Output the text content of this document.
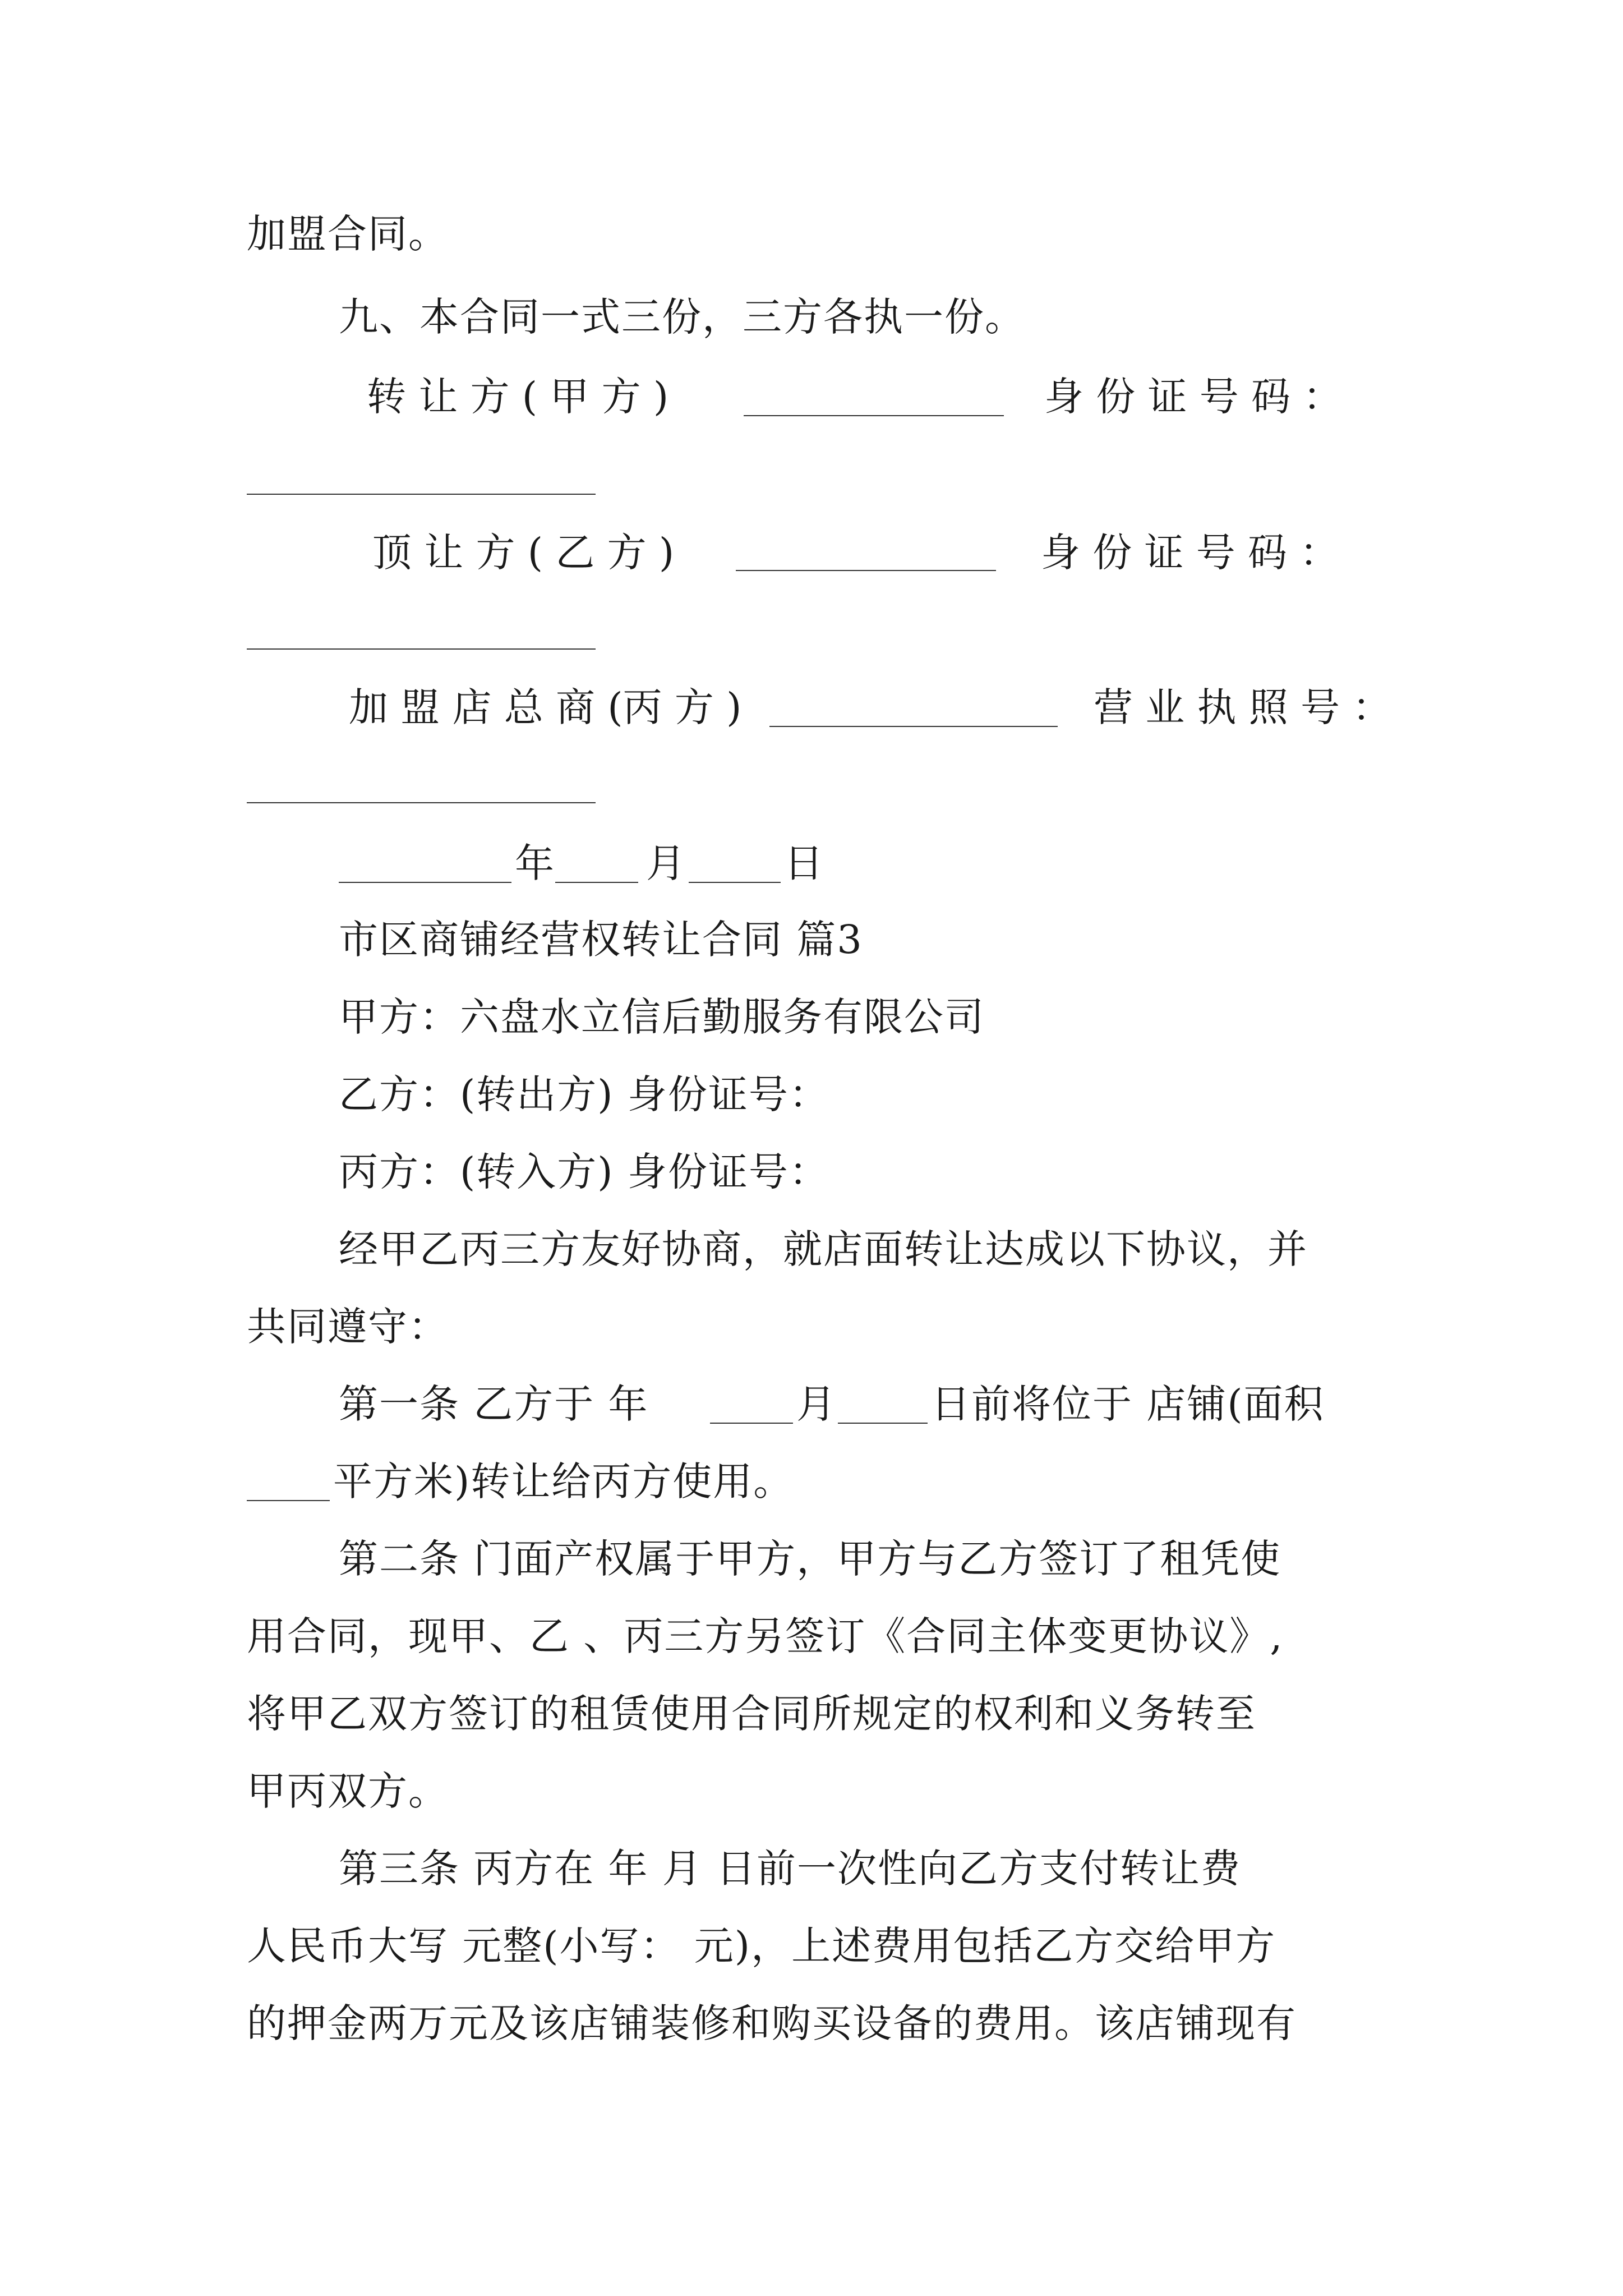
加盟合同。
九、本合同一式三份，三方各执一份。
转 让 方 ( 甲 方 )	身 份 证 号 码 ：
顶 让 方 ( 乙 方 )	身 份 证 号 码 ：
加 盟 店 总 商 (丙 方 )	营 业 执 照 号 ：
年 月 日
市区商铺经营权转让合同 篇3
甲方：六盘水立信后勤服务有限公司
乙方：(转出方) 身份证号：
丙方：(转入方) 身份证号：
经甲乙丙三方友好协商，就店面转让达成以下协议，并
共同遵守：
第一条 乙方于 年	月 日前将位于 店铺(面积
平方米)转让给丙方使用。
第二条 门面产权属于甲方，甲方与乙方签订了租凭使
用合同，现甲、乙 、丙三方另签订《合同主体变更协议》,
将甲乙双方签订的租赁使用合同所规定的权利和义务转至
甲丙双方。
第三条 丙方在 年 月 日前一次性向乙方支付转让费
人民币大写 元整(小写： 元)，上述费用包括乙方交给甲方
的押金两万元及该店铺装修和购买设备的费用。该店铺现有
